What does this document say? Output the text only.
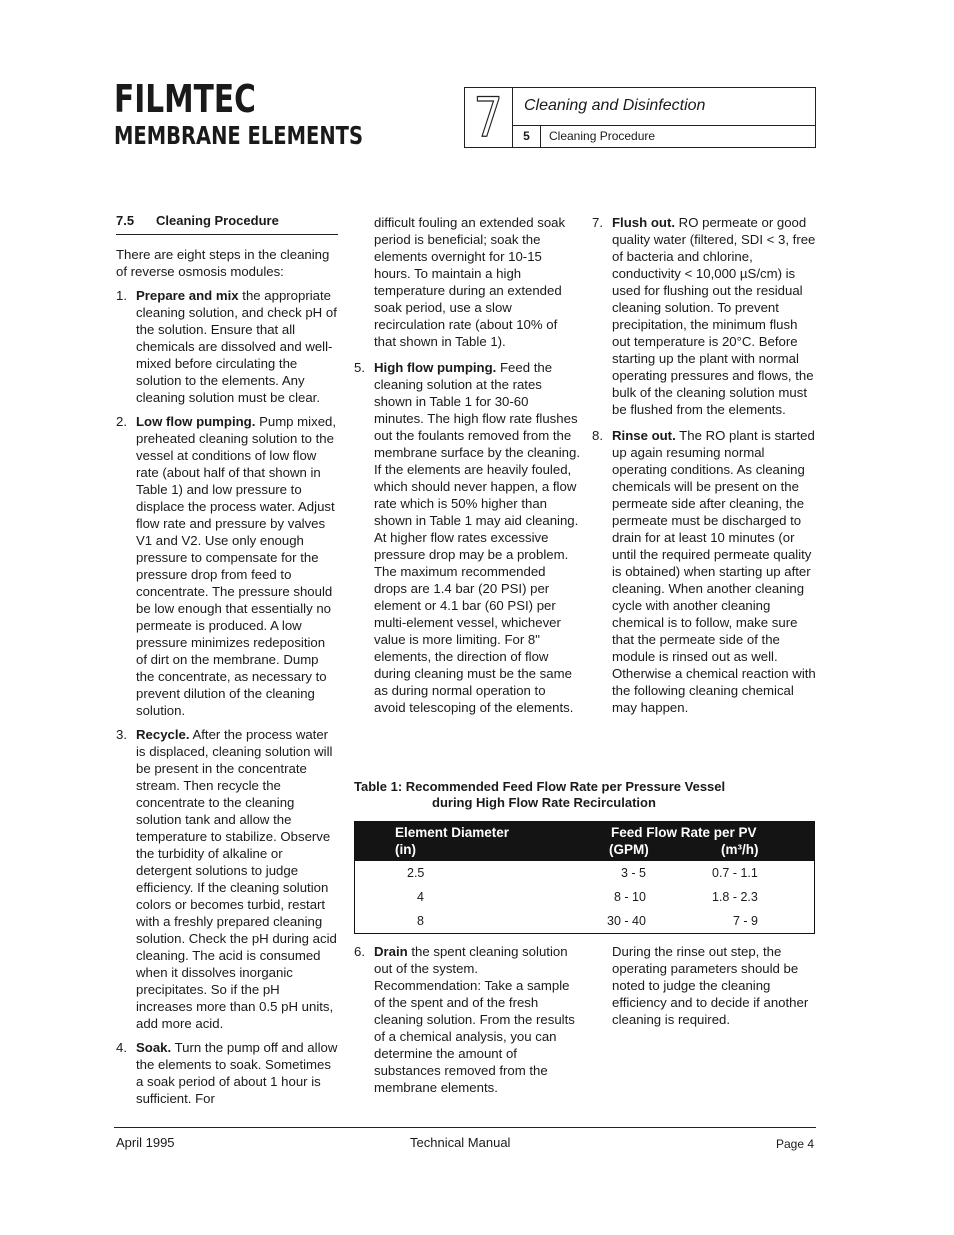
FILMTEC
MEMBRANE ELEMENTS 7	Cleaning and Disinfection
5	Cleaning Procedure
7.5 Cleaning Procedure

There are eight steps in the cleaning of reverse osmosis modules:

1. Prepare and mix the appropriate cleaning solution, and check pH of the solution. Ensure that all chemicals are dissolved and well-mixed before circulating the solution to the elements. Any cleaning solution must be clear.
2. Low flow pumping. Pump mixed, preheated cleaning solution to the vessel at conditions of low flow rate (about half of that shown in Table 1) and low pressure to displace the process water. Adjust flow rate and pressure by valves V1 and V2. Use only enough pressure to compensate for the pressure drop from feed to concentrate. The pressure should be low enough that essentially no permeate is produced. A low pressure minimizes redeposition of dirt on the membrane. Dump the concentrate, as necessary to prevent dilution of the cleaning solution.
3. Recycle. After the process water is displaced, cleaning solution will be present in the concentrate stream. Then recycle the concentrate to the cleaning solution tank and allow the temperature to stabilize. Observe the turbidity of alkaline or detergent solutions to judge efficiency. If the cleaning solution colors or becomes turbid, restart with a freshly prepared cleaning solution. Check the pH during acid cleaning. The acid is consumed when it dissolves inorganic precipitates. So if the pH increases more than 0.5 pH units, add more acid.
4. Soak. Turn the pump off and allow the elements to soak. Sometimes a soak period of about 1 hour is sufficient. For

difficult fouling an extended soak period is beneficial; soak the elements overnight for 10-15 hours. To maintain a high temperature during an extended soak period, use a slow recirculation rate (about 10% of that shown in Table 1).

5. High flow pumping. Feed the cleaning solution at the rates shown in Table 1 for 30-60 minutes. The high flow rate flushes out the foulants removed from the membrane surface by the cleaning. If the elements are heavily fouled, which should never happen, a flow rate which is 50% higher than shown in Table 1 may aid cleaning. At higher flow rates excessive pressure drop may be a problem. The maximum recommended drops are 1.4 bar (20 PSI) per element or 4.1 bar (60 PSI) per multi-element vessel, whichever value is more limiting. For 8" elements, the direction of flow during cleaning must be the same as during normal operation to avoid telescoping of the elements.
7. Flush out. RO permeate or good quality water (filtered, SDI < 3, free of bacteria and chlorine, conductivity < 10,000 µS/cm) is used for flushing out the residual cleaning solution. To prevent precipitation, the minimum flush out temperature is 20°C. Before starting up the plant with normal operating pressures and flows, the bulk of the cleaning solution must be flushed from the elements.
8. Rinse out. The RO plant is started up again resuming normal operating conditions. As cleaning chemicals will be present on the permeate side after cleaning, the permeate must be discharged to drain for at least 10 minutes (or until the required permeate quality is obtained) when starting up after cleaning. When another cleaning cycle with another cleaning chemical is to follow, make sure that the permeate side of the module is rinsed out as well. Otherwise a chemical reaction with the following cleaning chemical may happen.
Table 1: Recommended Feed Flow Rate per Pressure Vessel
during High Flow Rate Recirculation
Element Diameter
(in)
Feed Flow Rate per PV
(GPM)	(m³/h)
2.5	3 - 5	0.7 - 1.1
4	8 - 10	1.8 - 2.3
8	30 - 40	7 - 9
6. Drain the spent cleaning solution out of the system. Recommendation: Take a sample of the spent and of the fresh cleaning solution. From the results of a chemical analysis, you can determine the amount of substances removed from the membrane elements.

During the rinse out step, the operating parameters should be noted to judge the cleaning efficiency and to decide if another cleaning is required.

April 1995	Technical Manual	Page 4
